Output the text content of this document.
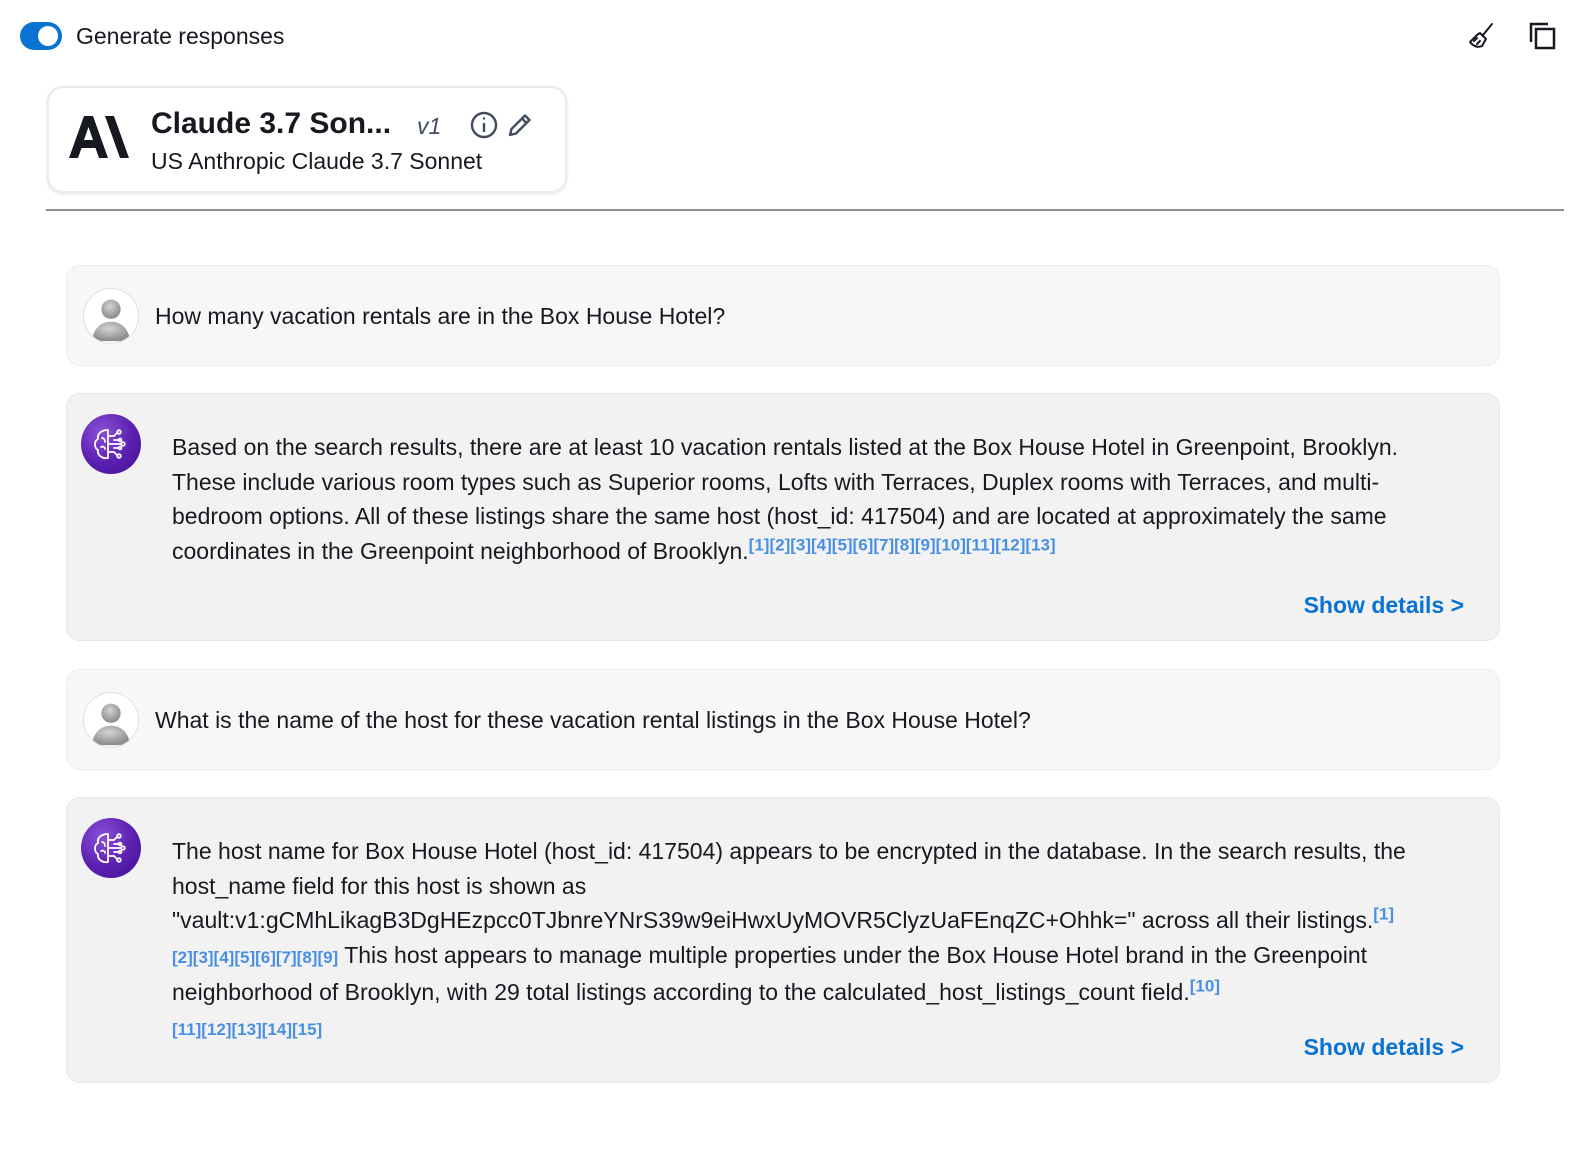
Generate responses
Claude 3.7 Son... v1
US Anthropic Claude 3.7 Sonnet
How many vacation rentals are in the Box House Hotel?
Based on the search results, there are at least 10 vacation rentals listed at the Box House Hotel in Greenpoint, Brooklyn. These include various room types such as Superior rooms, Lofts with Terraces, Duplex rooms with Terraces, and multi-bedroom options. All of these listings share the same host (host_id: 417504) and are located at approximately the same coordinates in the Greenpoint neighborhood of Brooklyn.[1][2][3][4][5][6][7][8][9][10][11][12][13]
Show details >
What is the name of the host for these vacation rental listings in the Box House Hotel?
The host name for Box House Hotel (host_id: 417504) appears to be encrypted in the database. In the search results, the host_name field for this host is shown as "vault:v1:gCMhLikagB3DgHEzpcc0TJbnreYNrS39w9eiHwxUyMOVR5ClyzUaFEnqZC+Ohhk=" across all their listings.[1]
[2][3][4][5][6][7][8][9] This host appears to manage multiple properties under the Box House Hotel brand in the Greenpoint neighborhood of Brooklyn, with 29 total listings according to the calculated_host_listings_count field.[10]
[11][12][13][14][15]
Show details >
